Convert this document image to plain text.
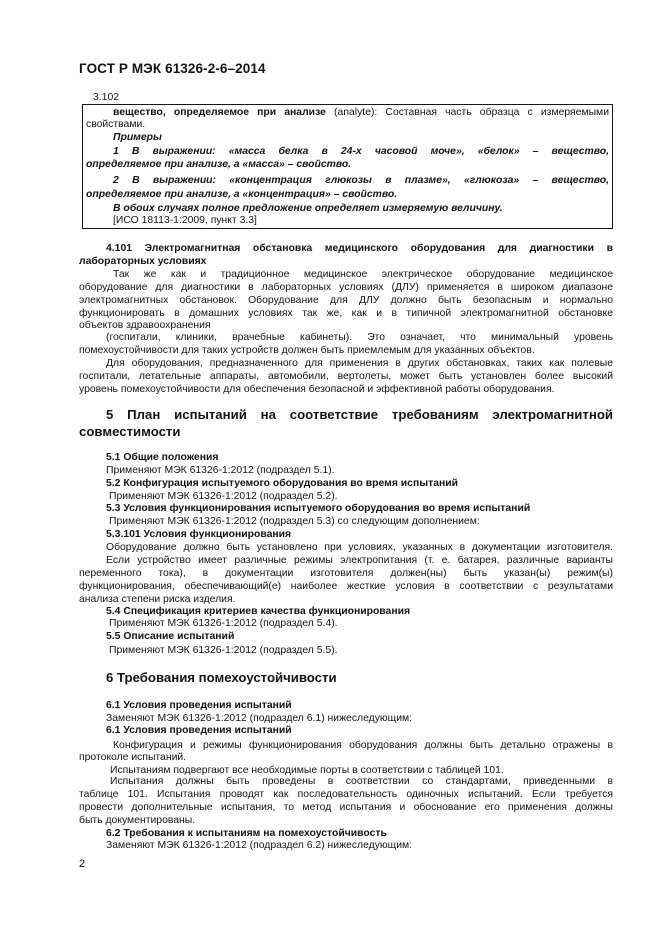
ГОСТ Р МЭК 61326-2-6–2014
3.102
вещество, определяемое при анализе (analyte): Составная часть образца с измеряемыми
свойствами.
Примеры
1 В выражении: «масса белка в 24-х часовой моче», «белок» – вещество,
определяемое при анализе, а «масса» – свойство.
2 В выражении: «концентрация глюкозы в плазме», «глюкоза» – вещество,
определяемое при анализе, а «концентрация» – свойство.
В обоих случаях полное предложение определяет измеряемую величину.
[ИСО 18113-1:2009, пункт 3.3]
4.101 Электромагнитная обстановка медицинского оборудования для диагностики в
лабораторных условиях
Так же как и традиционное медицинское электрическое оборудование медицинское
оборудование для диагностики в лабораторных условиях (ДЛУ) применяется в широком диапазоне
электромагнитных обстановок. Оборудование для ДЛУ должно быть безопасным и нормально
функционировать в домашних условиях так же, как и в типичной электромагнитной обстановке
объектов здравоохранения
(госпитали, клиники, врачебные кабинеты). Это означает, что минимальный уровень
помехоустойчивости для таких устройств должен быть приемлемым для указанных объектов.
Для оборудования, предназначенного для применения в других обстановках, таких как полевые
госпитали, летательные аппараты, автомобили, вертолеты, может быть установлен более высокий
уровень помехоустойчивости для обеспечения безопасной и эффективной работы оборудования.
5 План испытаний на соответствие требованиям электромагнитной
совместимости
5.1 Общие положения
Применяют МЭК 61326-1:2012 (подраздел 5.1).
5.2 Конфигурация испытуемого оборудования во время испытаний
Применяют МЭК 61326-1:2012 (подраздел 5.2).
5.3 Условия функционирования испытуемого оборудования во время испытаний
Применяют МЭК 61326-1:2012 (подраздел 5.3) со следующим дополнением:
5.3.101 Условия функционирования
Оборудование должно быть установлено при условиях, указанных в документации изготовителя.
Если устройство имеет различные режимы электропитания (т. е. батарея, различные варианты
переменного тока), в документации изготовителя должен(ны) быть указан(ы) режим(ы)
функционирования, обеспечивающий(е) наиболее жесткие условия в соответствии с результатами
анализа степени риска изделия.
5.4 Спецификация критериев качества функционирования
Применяют МЭК 61326-1:2012 (подраздел 5.4).
5.5 Описание испытаний
Применяют МЭК 61326-1:2012 (подраздел 5.5).
6 Требования помехоустойчивости
6.1 Условия проведения испытаний
Заменяют МЭК 61326-1:2012 (подраздел 6.1) нижеследующим:
6.1 Условия проведения испытаний
Конфигурация и режимы функционирования оборудования должны быть детально отражены в
протоколе испытаний.
Испытаниям подвергают все необходимые порты в соответствии с таблицей 101.
Испытания должны быть проведены в соответствии со стандартами, приведенными в
таблице 101. Испытания проводят как последовательность одиночных испытаний. Если требуется
провести дополнительные испытания, то метод испытания и обоснование его применения должны
быть документированы.
6.2 Требования к испытаниям на помехоустойчивость
Заменяют МЭК 61326-1:2012 (подраздел 6.2) нижеследующим:
2
